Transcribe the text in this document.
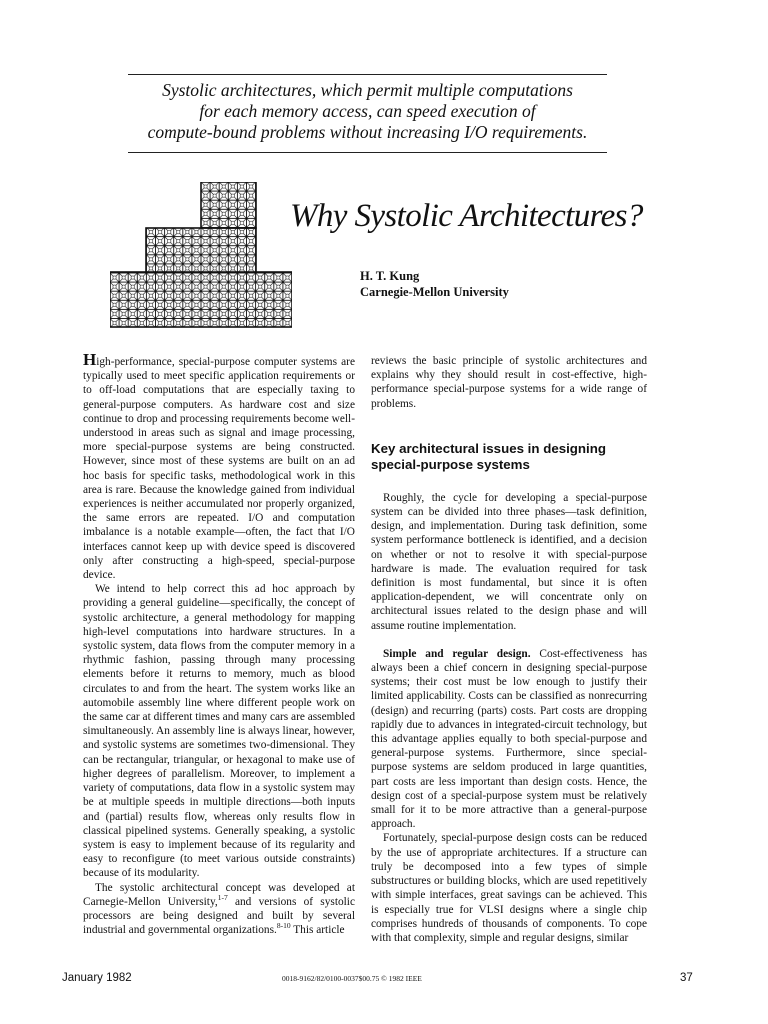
Systolic architectures, which permit multiple computations
for each memory access, can speed execution of
compute-bound problems without increasing I/O requirements.
Why Systolic Architectures?
H. T. Kung
Carnegie-Mellon University

High-performance, special-purpose computer systems are typically used to meet specific application requirements or to off-load computations that are especially taxing to general-purpose computers. As hardware cost and size continue to drop and processing requirements become well-understood in areas such as signal and image processing, more special-purpose systems are being constructed. However, since most of these systems are built on an ad hoc basis for specific tasks, methodological work in this area is rare. Because the knowledge gained from individual experiences is neither accumulated nor properly organized, the same errors are repeated. I/O and computation imbalance is a notable example—often, the fact that I/O interfaces cannot keep up with device speed is discovered only after constructing a high-speed, special-purpose device.

We intend to help correct this ad hoc approach by providing a general guideline—specifically, the concept of systolic architecture, a general methodology for mapping high-level computations into hardware structures. In a systolic system, data flows from the computer memory in a rhythmic fashion, passing through many processing elements before it returns to memory, much as blood circulates to and from the heart. The system works like an automobile assembly line where different people work on the same car at different times and many cars are assembled simultaneously. An assembly line is always linear, however, and systolic systems are sometimes two-dimensional. They can be rectangular, triangular, or hexagonal to make use of higher degrees of parallelism. Moreover, to implement a variety of computations, data flow in a systolic system may be at multiple speeds in multiple directions—both inputs and (partial) results flow, whereas only results flow in classical pipelined systems. Generally speaking, a systolic system is easy to implement because of its regularity and easy to reconfigure (to meet various outside constraints) because of its modularity.

The systolic architectural concept was developed at Carnegie-Mellon University,$^{1-7}$ and versions of systolic processors are being designed and built by several industrial and governmental organizations.$^{8-10}$ This article

reviews the basic principle of systolic architectures and explains why they should result in cost-effective, high-performance special-purpose systems for a wide range of problems.

Key architectural issues in designing special-purpose systems

Roughly, the cycle for developing a special-purpose system can be divided into three phases—task definition, design, and implementation. During task definition, some system performance bottleneck is identified, and a decision on whether or not to resolve it with special-purpose hardware is made. The evaluation required for task definition is most fundamental, but since it is often application-dependent, we will concentrate only on architectural issues related to the design phase and will assume routine implementation.

Simple and regular design. Cost-effectiveness has always been a chief concern in designing special-purpose systems; their cost must be low enough to justify their limited applicability. Costs can be classified as nonrecurring (design) and recurring (parts) costs. Part costs are dropping rapidly due to advances in integrated-circuit technology, but this advantage applies equally to both special-purpose and general-purpose systems. Furthermore, since special-purpose systems are seldom produced in large quantities, part costs are less important than design costs. Hence, the design cost of a special-purpose system must be relatively small for it to be more attractive than a general-purpose approach.

Fortunately, special-purpose design costs can be reduced by the use of appropriate architectures. If a structure can truly be decomposed into a few types of simple substructures or building blocks, which are used repetitively with simple interfaces, great savings can be achieved. This is especially true for VLSI designs where a single chip comprises hundreds of thousands of components. To cope with that complexity, simple and regular designs, similar

January 1982	0018-9162/82/0100-0037$00.75 © 1982 IEEE	37
